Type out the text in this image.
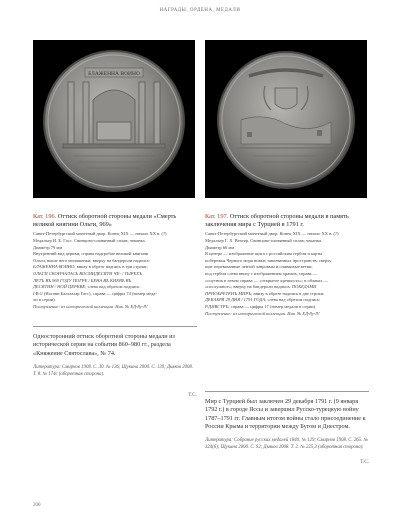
НАГРАДЫ, ОРДЕНА, МЕДАЛИ
БЛАЖЕННА ВОИНО
Кат. 196. Оттиск оборотной стороны медали «Смерть великой княгини Ольги, 969»

Санкт-Петербургский монетный двор. Конец XIX — начало XX в. (?)

Медальер И. Б. Гасс. Свинцово-оловянный сплав; чеканка.

Диаметр 79 мм

Внутренний вид церкви; справа надгробие великой княгини

Ольги, выше него монашенки; вверху на бандероли надпись:

БЛАЖЕННА ВОИНО; внизу в обрезе надпись в три строки:

ОЛЬГИ СКОНЧАЛАСЬ ВОСМИДЕСЯТИ ЧЕ- / ТЫРЕХЪ

ЛЕТЪ ВЪ 969 ГОДУ ПОГРЕ / БЕНА ВЪ КИЕВЪ ВЪ

ДЕСЯТИН / НОЙ ЦЕРКВЕ; слева над обрезом подпись:

I·B·G (Иоганн Бальтазар Гасс), справа — цифры 74 (номер меда-

ли в серии).

Поступление: из исторической коллекции. Инв. № ЕД-8у-IV

Кат. 197. Оттиск оборотной стороны медали в память заключения мира с Турцией в 1791 г.

Санкт-Петербургский монетный двор. Конец XIX — начало XX в. (?)

Медальер Г. Х. Вехтер. Свинцово-оловянный сплав; чеканка.

Диаметр 66 мм

В центре — изображение щита с российским гербом и карты

побережья Черного моря новых завоеванных пространств; сверху

щит перевязанные лентой лавровым и оливковые ветви;

под гербом слева внизу с изображением храмов; справа —

«спутник в левом справа — «открытое крепкость»; в облаках —

«послушное»; вверху на бандероли надпись: ПОБЕДАМИ

ПРИОБРЕТЕНЪ МИРЪ; внизу в обрезе надпись в две строки:

ДЕКАБРЯ 29 ДНЯ / 1791 ГОДА; слева над обрезом подпись:

Р.ДИВСТРЪ; справа — цифры 17 (номер медали в серии).

Поступление: из исторической коллекции. Инв. № ЕД-8у-IV

Односторонний оттиск оборотной стороны медали из исторической серии на события 860–980 гг., раздела «Княжение Святослава», № 74.

Литература: Смирнов 1908. С. 30. № 136; Щукина 2000. С. 139; Дьяков 2008. Т. 8. № 174с (оборотная сторона).

Т.С.

Мир с Турцией был заключен 29 декабря 1791 г. (9 января 1792 г.) в городе Яссы и завершил Русско-турецкую войну 1787–1791 гг. Главным итогом войны стало присоединение к России Крыма и территории между Бугом и Днестром.

Литература: Собрание русских медалей 1840. № 129; Смирнов 1908. С. 265. № 324(6); Щукина 2000. С. 92; Дьяков 2008. Т. 2. № 225,3 (оборотная сторона).

Т.С.
200
